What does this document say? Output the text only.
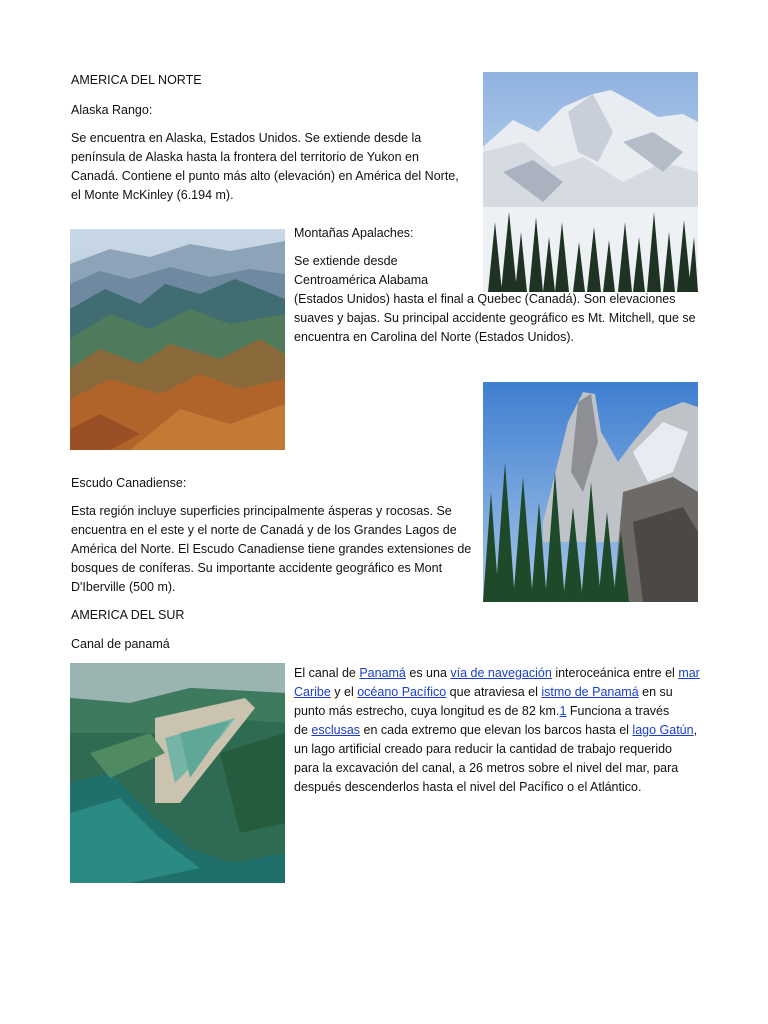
AMERICA DEL NORTE

Alaska Rango:

Se encuentra en Alaska, Estados Unidos. Se extiende desde la

península de Alaska hasta la frontera del territorio de Yukon en

Canadá. Contiene el punto más alto (elevación) en América del Norte,

el Monte McKinley (6.194 m).

Montañas Apalaches:

Se extiende desde

Centroamérica Alabama

(Estados Unidos) hasta el final a Quebec (Canadá). Son elevaciones

suaves y bajas. Su principal accidente geográfico es Mt. Mitchell, que se

encuentra en Carolina del Norte (Estados Unidos).

Escudo Canadiense:

Esta región incluye superficies principalmente ásperas y rocosas. Se

encuentra en el este y el norte de Canadá y de los Grandes Lagos de

América del Norte. El Escudo Canadiense tiene grandes extensiones de

bosques de coníferas. Su importante accidente geográfico es Mont

D'Iberville (500 m).

AMERICA DEL SUR

Canal de panamá

El canal de Panamá es una vía de navegación interoceánica entre el mar

Caribe y el océano Pacífico que atraviesa el istmo de Panamá en su

punto más estrecho, cuya longitud es de 82 km.1 Funciona a través

de esclusas en cada extremo que elevan los barcos hasta el lago Gatún,

un lago artificial creado para reducir la cantidad de trabajo requerido

para la excavación del canal, a 26 metros sobre el nivel del mar, para

después descenderlos hasta el nivel del Pacífico o el Atlántico.
